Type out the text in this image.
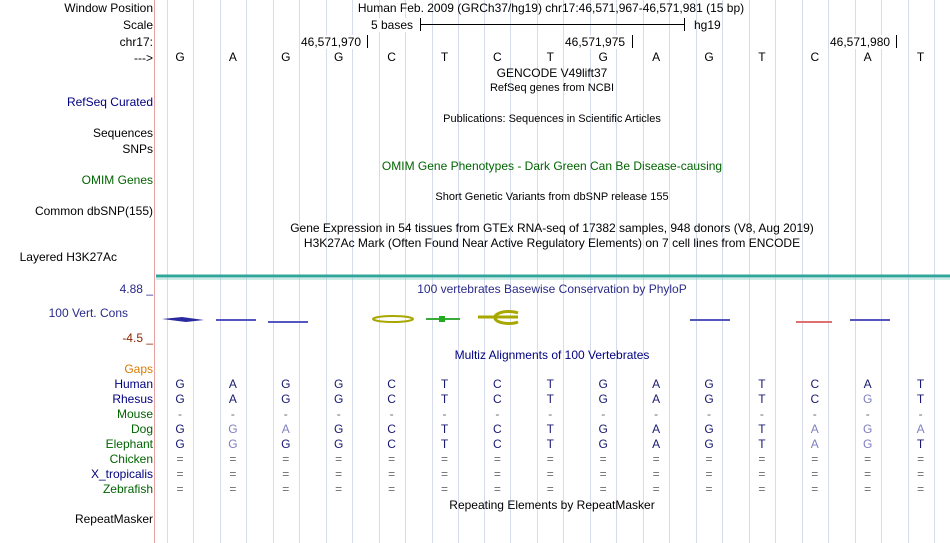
Window Position	Human Feb. 2009 (GRCh37/hg19) chr17:46,571,967-46,571,981 (15 bp)
Scale	5 bases	hg19
chr17:	46,571,970	46,571,975	46,571,980
--->	G	A	G	G	C	T	C	T	G	A	G	T	C	A	T
GENCODE V49lift37
RefSeq genes from NCBI
RefSeq Curated
Publications: Sequences in Scientific Articles
Sequences
SNPs
OMIM Gene Phenotypes - Dark Green Can Be Disease-causing
OMIM Genes
Short Genetic Variants from dbSNP release 155
Common dbSNP(155)
Gene Expression in 54 tissues from GTEx RNA-seq of 17382 samples, 948 donors (V8, Aug 2019)
H3K27Ac Mark (Often Found Near Active Regulatory Elements) on 7 cell lines from ENCODE
Layered H3K27Ac
100 vertebrates Basewise Conservation by PhyloP
4.88 _
100 Vert. Cons
-4.5 _
Multiz Alignments of 100 Vertebrates
Gaps
Human	G	A	G	G	C	T	C	T	G	A	G	T	C	A	T
Rhesus	G	A	G	G	C	T	C	T	G	A	G	T	C	G	T
Mouse	-	-	-	-	-	-	-	-	-	-	-	-	-	-	-
Dog	G	G	A	G	C	T	C	T	G	A	G	T	A	G	A
Elephant	G	G	G	G	C	T	C	T	G	A	G	T	A	G	T
Chicken	=	=	=	=	=	=	=	=	=	=	=	=	=	=	=
X_tropicalis	=	=	=	=	=	=	=	=	=	=	=	=	=	=	=
Zebrafish	=	=	=	=	=	=	=	=	=	=	=	=	=	=	=
Repeating Elements by RepeatMasker
RepeatMasker
